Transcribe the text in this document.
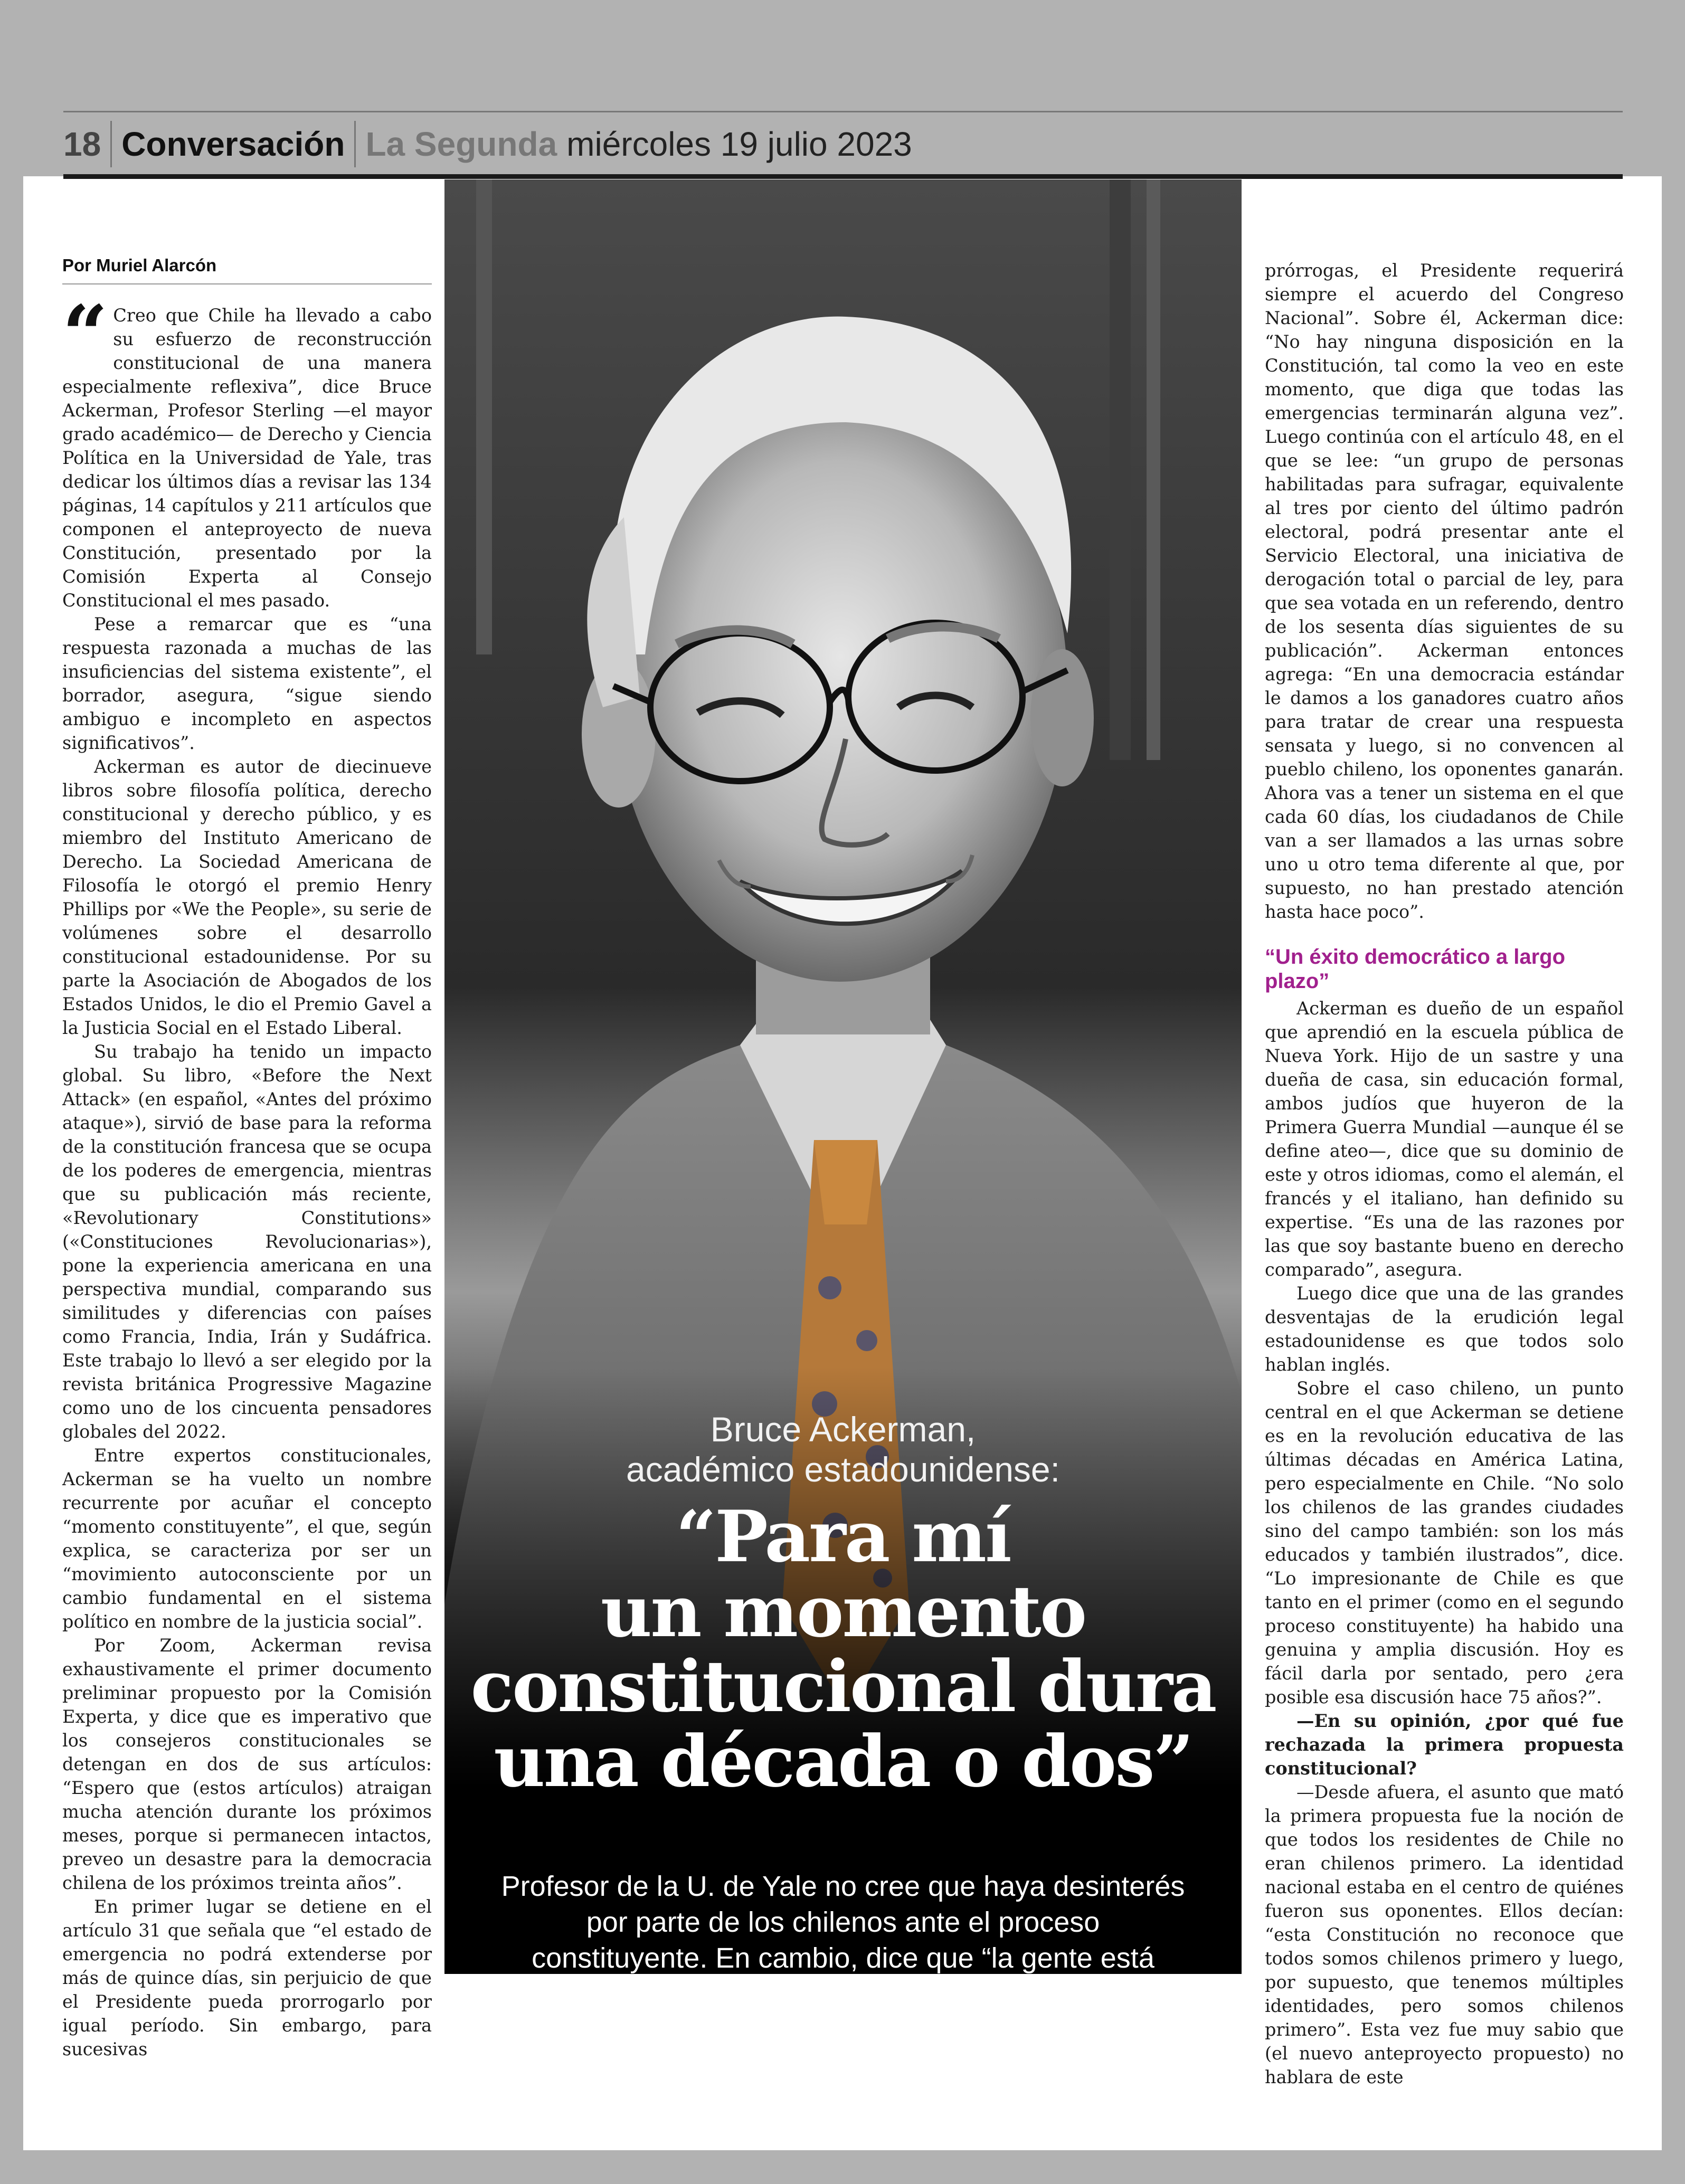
18 Conversación La Segunda miércoles 19 julio 2023
Por Muriel Alarcón

“ Creo que Chile ha llevado a cabo su esfuerzo de reconstrucción constitucional de una manera especialmente reflexiva”, dice Bruce Ackerman, Profesor Sterling —el mayor grado académico— de Derecho y Ciencia Política en la Universidad de Yale, tras dedicar los últimos días a revisar las 134 páginas, 14 capítulos y 211 artículos que componen el anteproyecto de nueva Constitución, presentado por la Comisión Experta al Consejo Constitucional el mes pasado.

Pese a remarcar que es “una respuesta razonada a muchas de las insuficiencias del sistema existente”, el borrador, asegura, “sigue siendo ambiguo e incompleto en aspectos significativos”.

Ackerman es autor de diecinueve libros sobre filosofía política, derecho constitucional y derecho público, y es miembro del Instituto Americano de Derecho. La Sociedad Americana de Filosofía le otorgó el premio Henry Phillips por «We the People», su serie de volúmenes sobre el desarrollo constitucional estadounidense. Por su parte la Asociación de Abogados de los Estados Unidos, le dio el Premio Gavel a la Justicia Social en el Estado Liberal.

Su trabajo ha tenido un impacto global. Su libro, «Before the Next Attack» (en español, «Antes del próximo ataque»), sirvió de base para la reforma de la constitución francesa que se ocupa de los poderes de emergencia, mientras que su publicación más reciente, «Revolutionary Constitutions» («Constituciones Revolucionarias»), pone la experiencia americana en una perspectiva mundial, comparando sus similitudes y diferencias con países como Francia, India, Irán y Sudáfrica. Este trabajo lo llevó a ser elegido por la revista británica Progressive Magazine como uno de los cincuenta pensadores globales del 2022.

Entre expertos constitucionales, Ackerman se ha vuelto un nombre recurrente por acuñar el concepto “momento constituyente”, el que, según explica, se caracteriza por ser un “movimiento autoconsciente por un cambio fundamental en el sistema político en nombre de la justicia social”.

Por Zoom, Ackerman revisa exhaustivamente el primer documento preliminar propuesto por la Comisión Experta, y dice que es imperativo que los consejeros constitucionales se detengan en dos de sus artículos: “Espero que (estos artículos) atraigan mucha atención durante los próximos meses, porque si permanecen intactos, preveo un desastre para la democracia chilena de los próximos treinta años”.

En primer lugar se detiene en el artículo 31 que señala que “el estado de emergencia no podrá extenderse por más de quince días, sin perjuicio de que el Presidente pueda prorrogarlo por igual período. Sin embargo, para sucesivas

Bruce Ackerman,
académico estadounidense:
“Para mí
un momento
constitucional dura
una década o dos”
Profesor de la U. de Yale no cree que haya desinterés por parte de los chilenos ante el proceso constituyente. En cambio, dice que “la gente está mejor educada, está menos subordinada que antes, es más libre”.

prórrogas, el Presidente requerirá siempre el acuerdo del Congreso Nacional”. Sobre él, Ackerman dice: “No hay ninguna disposición en la Constitución, tal como la veo en este momento, que diga que todas las emergencias terminarán alguna vez”. Luego continúa con el artículo 48, en el que se lee: “un grupo de personas habilitadas para sufragar, equivalente al tres por ciento del último padrón electoral, podrá presentar ante el Servicio Electoral, una iniciativa de derogación total o parcial de ley, para que sea votada en un referendo, dentro de los sesenta días siguientes de su publicación”. Ackerman entonces agrega: “En una democracia estándar le damos a los ganadores cuatro años para tratar de crear una respuesta sensata y luego, si no convencen al pueblo chileno, los oponentes ganarán. Ahora vas a tener un sistema en el que cada 60 días, los ciudadanos de Chile van a ser llamados a las urnas sobre uno u otro tema diferente al que, por supuesto, no han prestado atención hasta hace poco”.

“Un éxito democrático a largo plazo”

Ackerman es dueño de un español que aprendió en la escuela pública de Nueva York. Hijo de un sastre y una dueña de casa, sin educación formal, ambos judíos que huyeron de la Primera Guerra Mundial —aunque él se define ateo—, dice que su dominio de este y otros idiomas, como el alemán, el francés y el italiano, han definido su expertise. “Es una de las razones por las que soy bastante bueno en derecho comparado”, asegura.

Luego dice que una de las grandes desventajas de la erudición legal estadounidense es que todos solo hablan inglés.

Sobre el caso chileno, un punto central en el que Ackerman se detiene es en la revolución educativa de las últimas décadas en América Latina, pero especialmente en Chile. “No solo los chilenos de las grandes ciudades sino del campo también: son los más educados y también ilustrados”, dice. “Lo impresionante de Chile es que tanto en el primer (como en el segundo proceso constituyente) ha habido una genuina y amplia discusión. Hoy es fácil darla por sentado, pero ¿era posible esa discusión hace 75 años?”.

—En su opinión, ¿por qué fue rechazada la primera propuesta constitucional?

—Desde afuera, el asunto que mató la primera propuesta fue la noción de que todos los residentes de Chile no eran chilenos primero. La identidad nacional estaba en el centro de quiénes fueron sus oponentes. Ellos decían: “esta Constitución no reconoce que todos somos chilenos primero y luego, por supuesto, que tenemos múltiples identidades, pero somos chilenos primero”. Esta vez fue muy sabio que (el nuevo anteproyecto propuesto) no hablara de este
